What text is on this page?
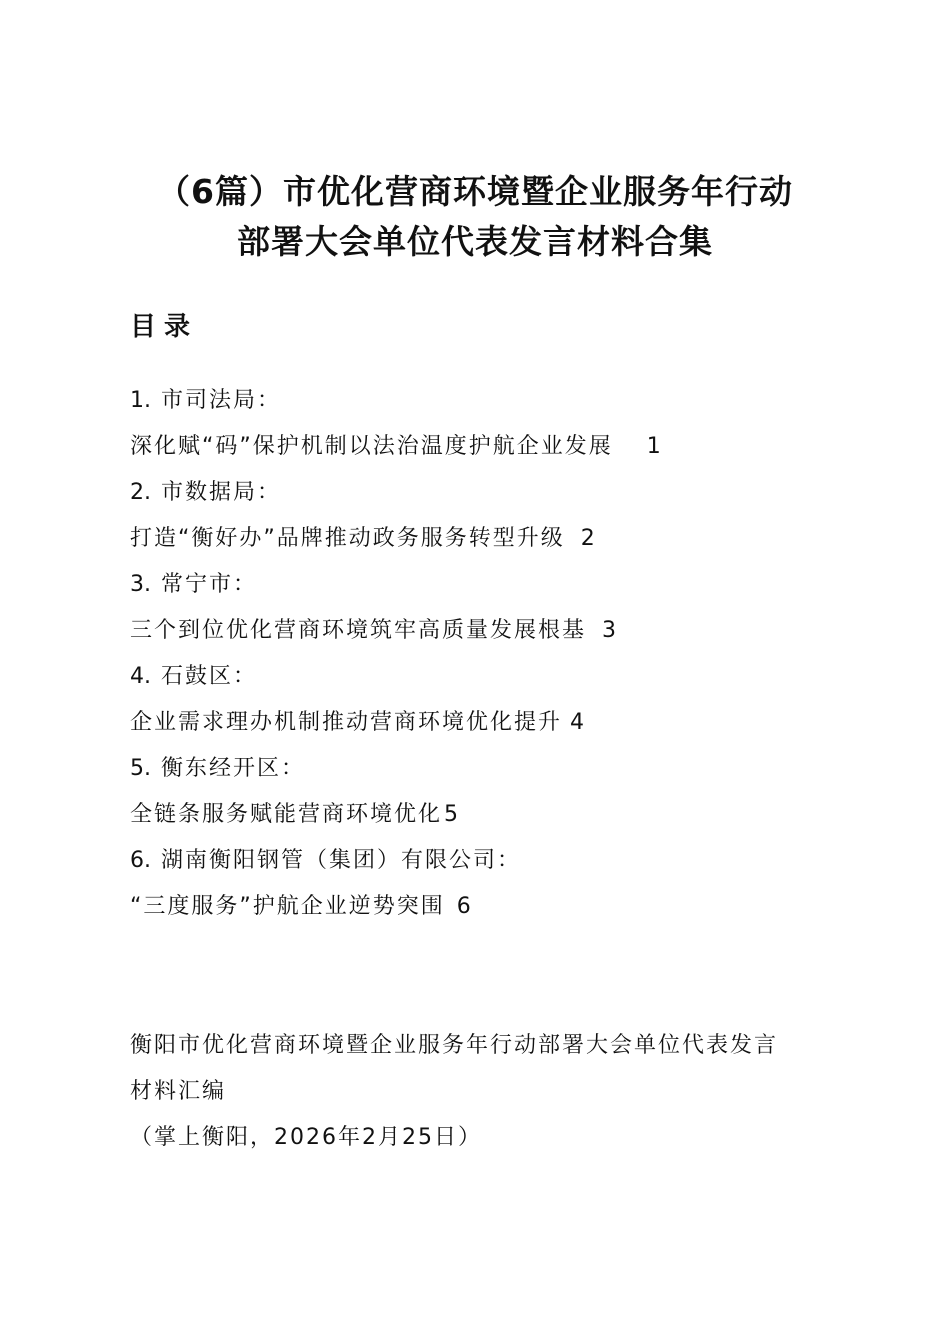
（6篇）市优化营商环境暨企业服务年行动
部署大会单位代表发言材料合集
目录
1. 市司法局：
深化赋“码”保护机制以法治温度护航企业发展 1
2. 市数据局：
打造“衡好办”品牌推动政务服务转型升级 2
3. 常宁市：
三个到位优化营商环境筑牢高质量发展根基 3
4. 石鼓区：
企业需求理办机制推动营商环境优化提升 4
5. 衡东经开区：
全链条服务赋能营商环境优化5
6. 湖南衡阳钢管（集团）有限公司：
“三度服务”护航企业逆势突围 6
衡阳市优化营商环境暨企业服务年行动部署大会单位代表发言
材料汇编
（掌上衡阳，2026年2月25日）
